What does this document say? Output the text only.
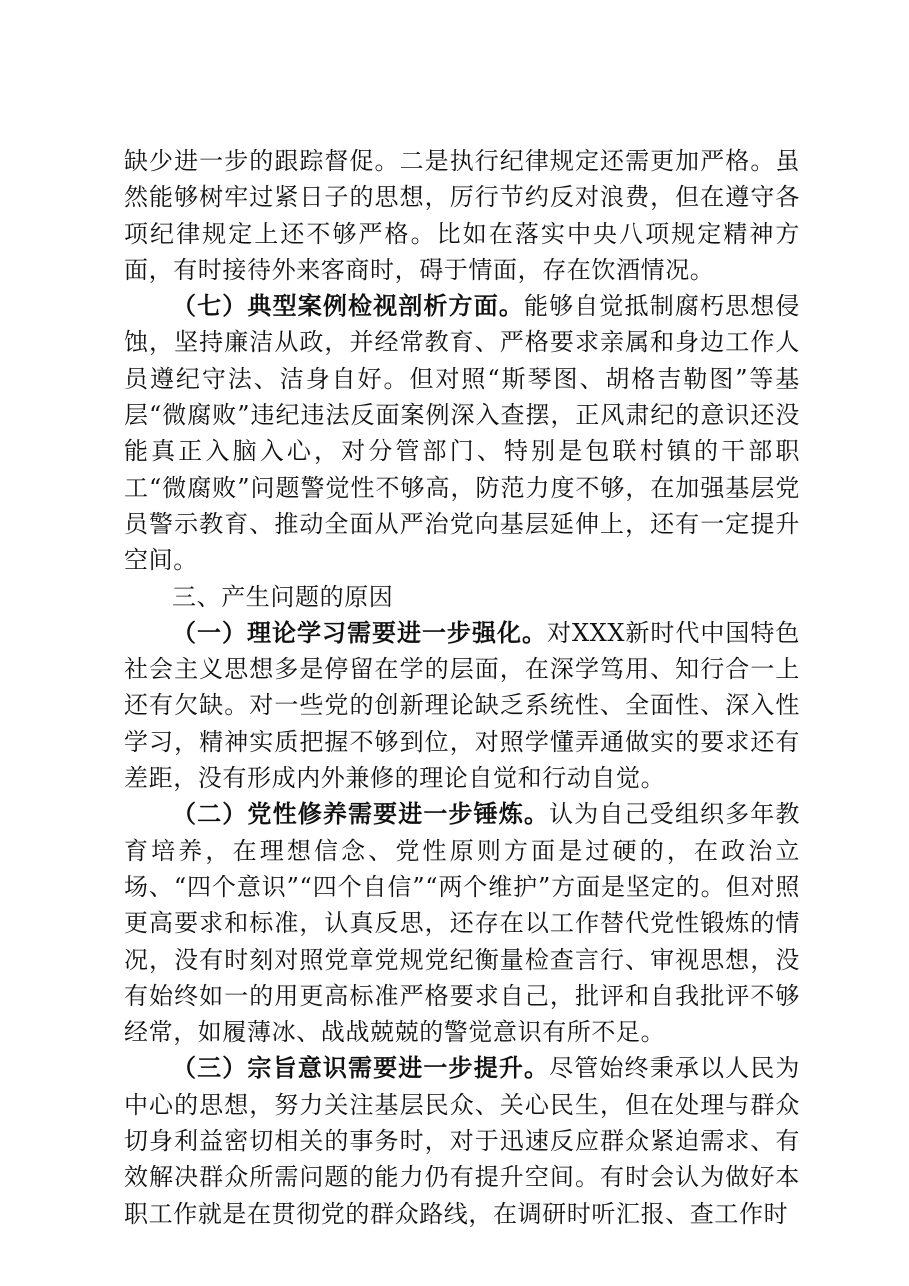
缺少进一步的跟踪督促。二是执行纪律规定还需更加严格。虽然能够树牢过紧日子的思想，厉行节约反对浪费，但在遵守各项纪律规定上还不够严格。比如在落实中央八项规定精神方面，有时接待外来客商时，碍于情面，存在饮酒情况。

（七）典型案例检视剖析方面。能够自觉抵制腐朽思想侵蚀，坚持廉洁从政，并经常教育、严格要求亲属和身边工作人员遵纪守法、洁身自好。但对照“斯琴图、胡格吉勒图”等基层“微腐败”违纪违法反面案例深入查摆，正风肃纪的意识还没能真正入脑入心，对分管部门、特别是包联村镇的干部职工“微腐败”问题警觉性不够高，防范力度不够，在加强基层党员警示教育、推动全面从严治党向基层延伸上，还有一定提升空间。

三、产生问题的原因

（一）理论学习需要进一步强化。对XXX新时代中国特色社会主义思想多是停留在学的层面，在深学笃用、知行合一上还有欠缺。对一些党的创新理论缺乏系统性、全面性、深入性学习，精神实质把握不够到位，对照学懂弄通做实的要求还有差距，没有形成内外兼修的理论自觉和行动自觉。

（二）党性修养需要进一步锤炼。认为自己受组织多年教育培养，在理想信念、党性原则方面是过硬的，在政治立场、“四个意识”“四个自信”“两个维护”方面是坚定的。但对照更高要求和标准，认真反思，还存在以工作替代党性锻炼的情况，没有时刻对照党章党规党纪衡量检查言行、审视思想，没有始终如一的用更高标准严格要求自己，批评和自我批评不够经常，如履薄冰、战战兢兢的警觉意识有所不足。

（三）宗旨意识需要进一步提升。尽管始终秉承以人民为中心的思想，努力关注基层民众、关心民生，但在处理与群众切身利益密切相关的事务时，对于迅速反应群众紧迫需求、有效解决群众所需问题的能力仍有提升空间。有时会认为做好本职工作就是在贯彻党的群众路线，在调研时听汇报、查工作时
